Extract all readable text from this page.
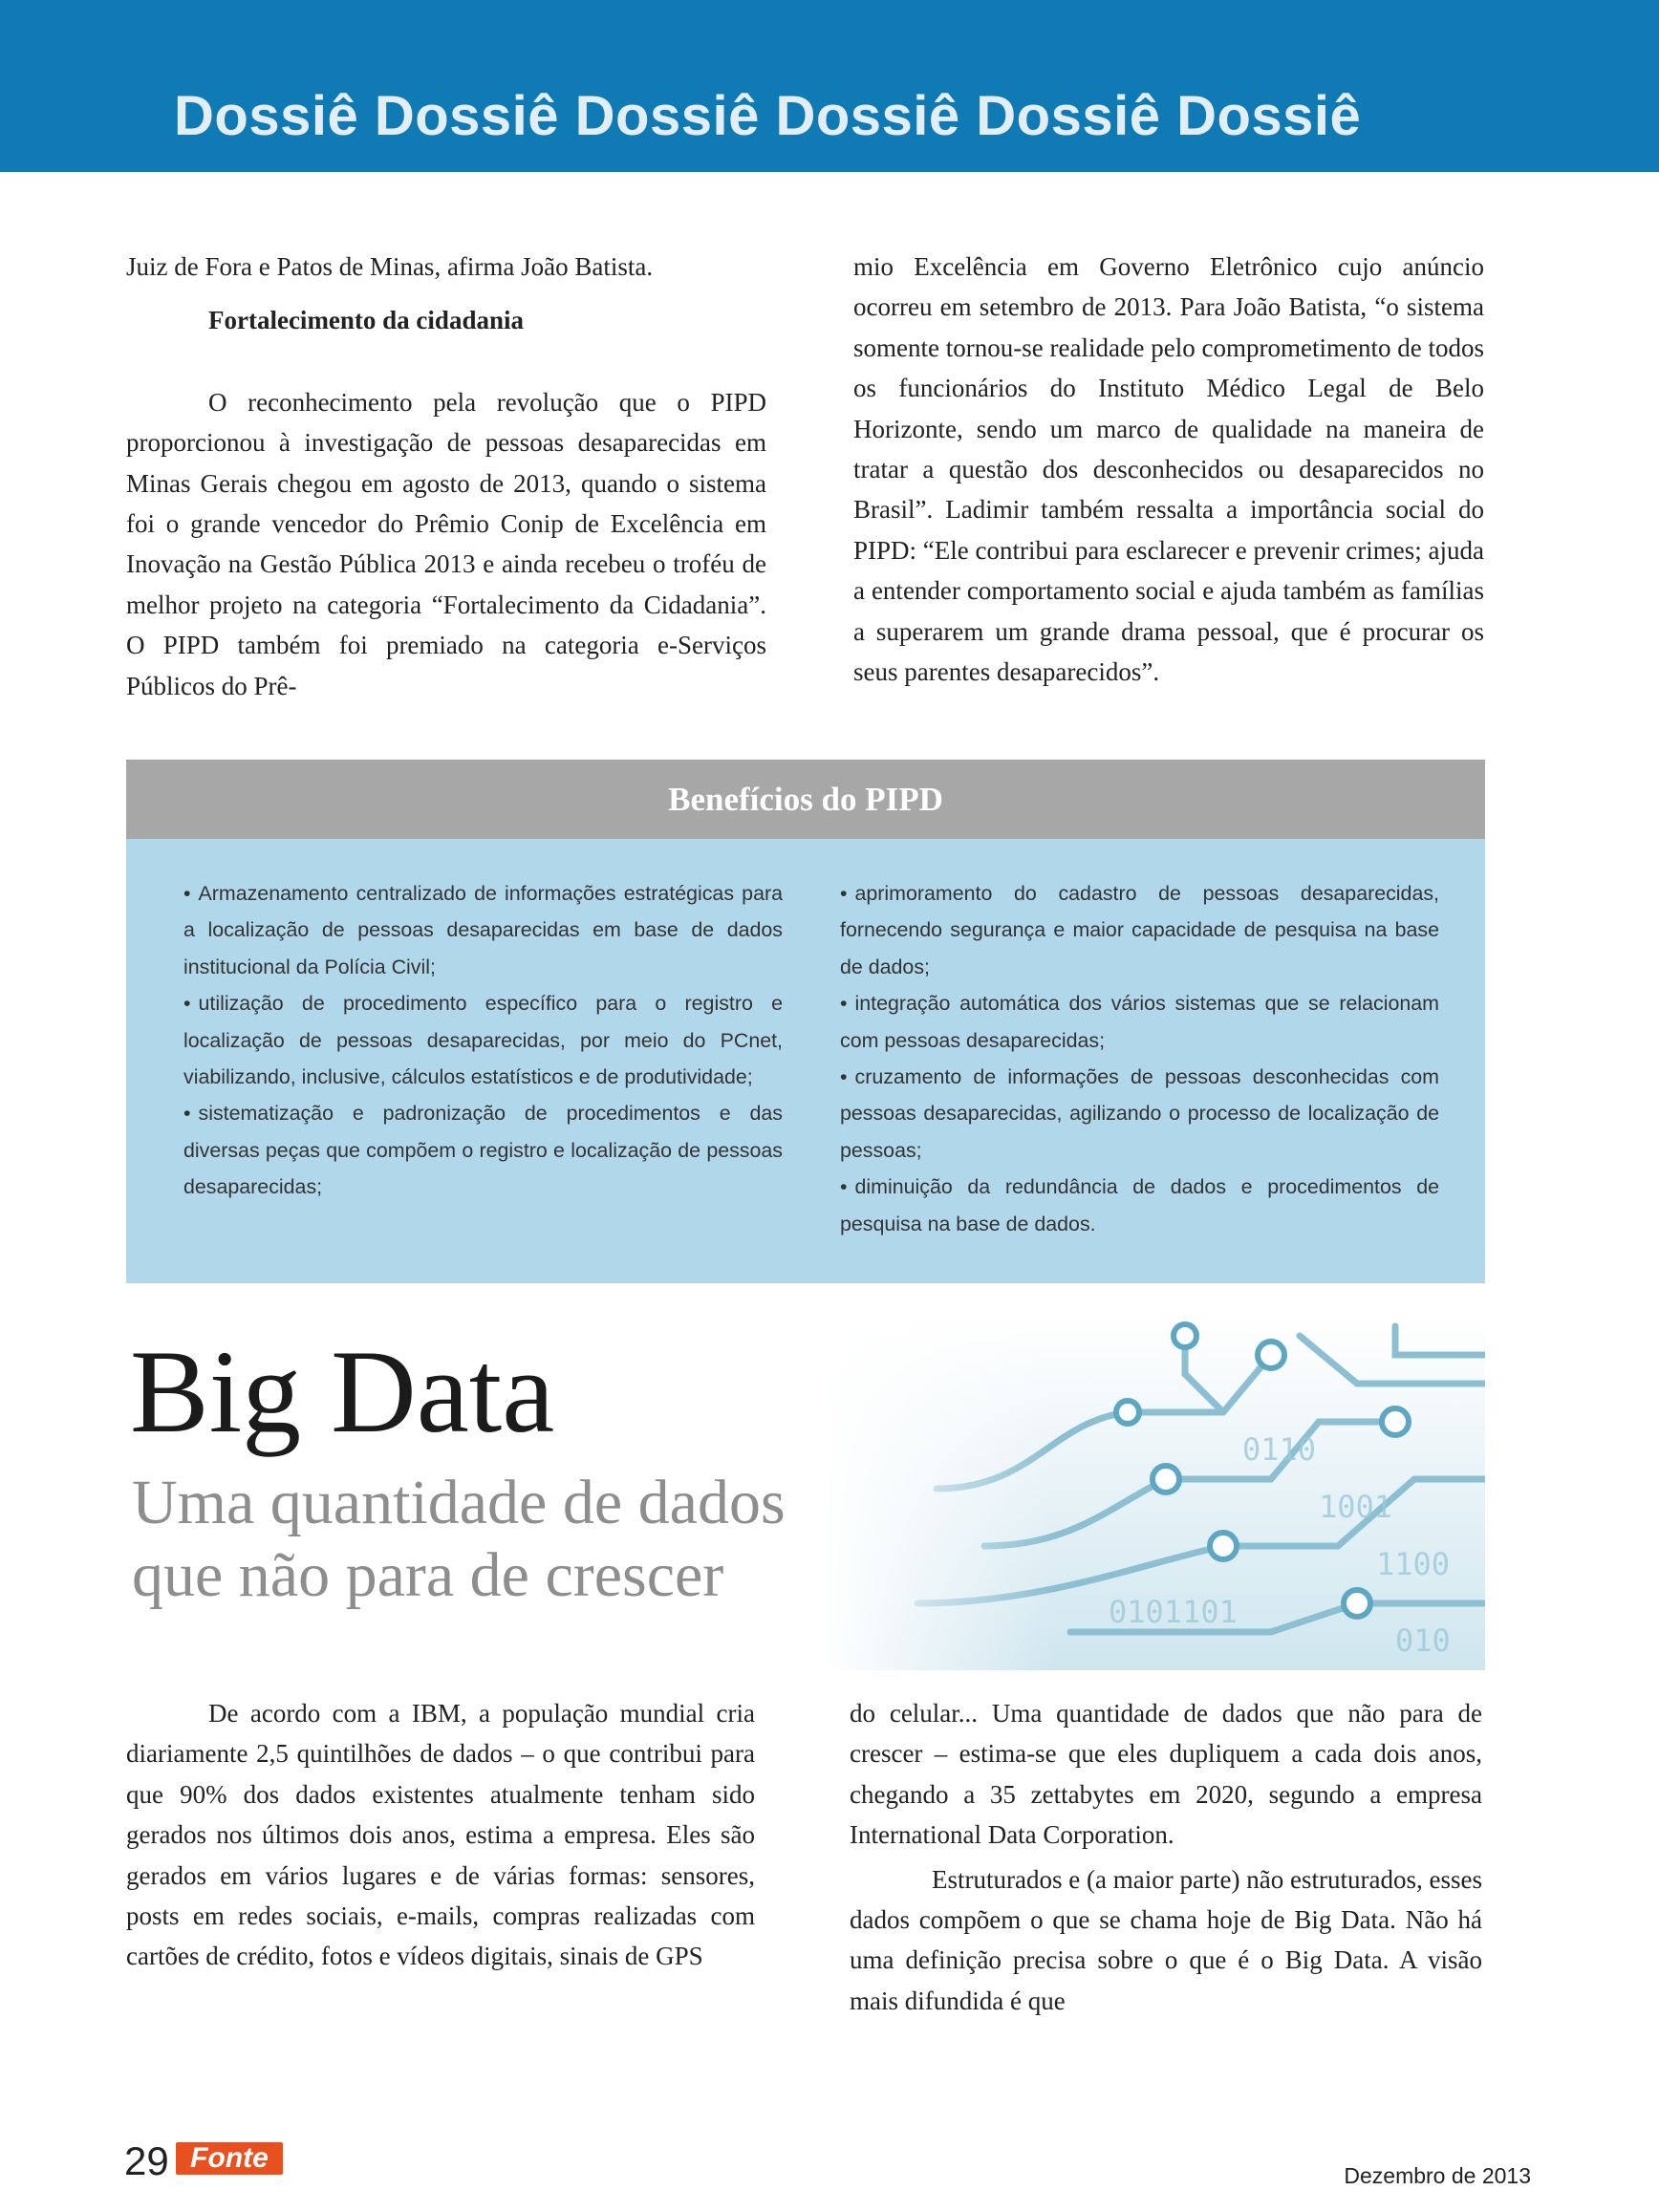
Dossiê Dossiê Dossiê Dossiê Dossiê Dossiê

Juiz de Fora e Patos de Minas, afirma João Batista.

Fortalecimento da cidadania

O reconhecimento pela revolução que o PIPD proporcionou à investigação de pessoas desaparecidas em Minas Gerais chegou em agosto de 2013, quando o sistema foi o grande vencedor do Prêmio Conip de Excelência em Inovação na Gestão Pública 2013 e ainda recebeu o troféu de melhor projeto na categoria “Fortalecimento da Cidadania”. O PIPD também foi premiado na categoria e-Serviços Públicos do Prê-

mio Excelência em Governo Eletrônico cujo anúncio ocorreu em setembro de 2013. Para João Batista, “o sistema somente tornou-se realidade pelo comprometimento de todos os funcionários do Instituto Médico Legal de Belo Horizonte, sendo um marco de qualidade na maneira de tratar a questão dos desconhecidos ou desaparecidos no Brasil”. Ladimir também ressalta a importância social do PIPD: “Ele contribui para esclarecer e prevenir crimes; ajuda a entender comportamento social e ajuda também as famílias a superarem um grande drama pessoal, que é procurar os seus parentes desaparecidos”.

Benefícios do PIPD
• Armazenamento centralizado de informações estratégicas para a localização de pessoas desaparecidas em base de dados institucional da Polícia Civil;
• utilização de procedimento específico para o registro e localização de pessoas desaparecidas, por meio do PCnet, viabilizando, inclusive, cálculos estatísticos e de produtividade;
• sistematização e padronização de procedimentos e das diversas peças que compõem o registro e localização de pessoas desaparecidas;
• aprimoramento do cadastro de pessoas desaparecidas, fornecendo segurança e maior capacidade de pesquisa na base de dados;
• integração automática dos vários sistemas que se relacionam com pessoas desaparecidas;
• cruzamento de informações de pessoas desconhecidas com pessoas desaparecidas, agilizando o processo de localização de pessoas;
• diminuição da redundância de dados e procedimentos de pesquisa na base de dados.
Big Data
Uma quantidade de dados
que não para de crescer

De acordo com a IBM, a população mundial cria diariamente 2,5 quintilhões de dados – o que contribui para que 90% dos dados existentes atualmente tenham sido gerados nos últimos dois anos, estima a empresa. Eles são gerados em vários lugares e de várias formas: sensores, posts em redes sociais, e-mails, compras realizadas com cartões de crédito, fotos e vídeos digitais, sinais de GPS

do celular... Uma quantidade de dados que não para de crescer – estima-se que eles dupliquem a cada dois anos, chegando a 35 zettabytes em 2020, segundo a empresa International Data Corporation.

Estruturados e (a maior parte) não estruturados, esses dados compõem o que se chama hoje de Big Data. Não há uma definição precisa sobre o que é o Big Data. A visão mais difundida é que

29 Fonte
Dezembro de 2013
